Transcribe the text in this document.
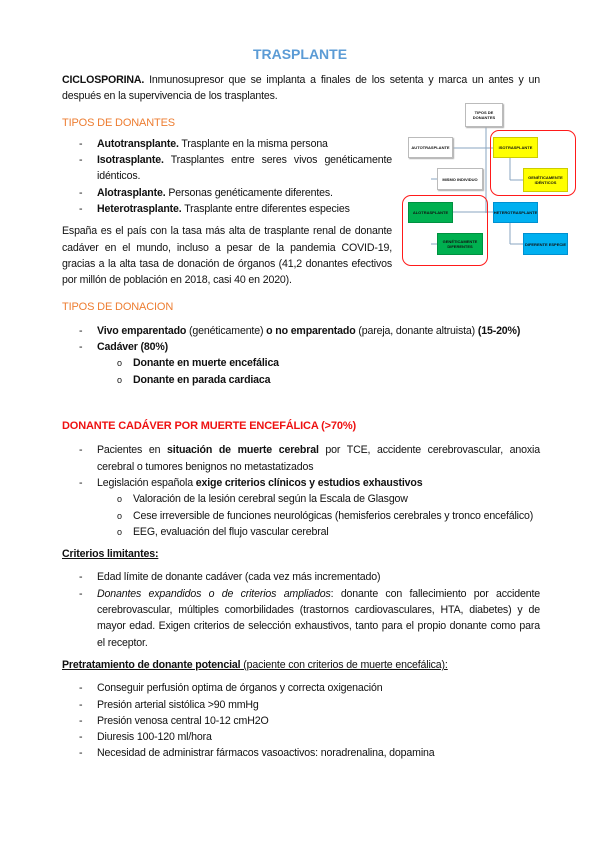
TIPOS DE DONANTES
AUTOTRASPLANTE
MISMO INDIVIDUO
ISOTRASPLANTE
GENÉTICAMENTE IDÉNTICOS
ALOTRASPLANTE
GENÉTICAMENTE DIFERENTES
HETEROTRASPLANTE
DIFERENTE ESPECIE
TRASPLANTE
CICLOSPORINA. Inmunosupresor que se implanta a finales de los setenta y marca un antes y un después en la supervivencia de los trasplantes.
TIPOS DE DONANTES
- Autotransplante. Trasplante en la misma persona
- Isotrasplante. Trasplantes entre seres vivos genéticamente idénticos.
- Alotrasplante. Personas genéticamente diferentes.
- Heterotrasplante. Trasplante entre diferentes especies
España es el país con la tasa más alta de trasplante renal de donante cadáver en el mundo, incluso a pesar de la pandemia COVID-19, gracias a la alta tasa de donación de órganos (41,2 donantes efectivos por millón de población en 2018, casi 40 en 2020).
TIPOS DE DONACION
- Vivo emparentado (genéticamente) o no emparentado (pareja, donante altruista) (15-20%)
- Cadáver (80%)
o Donante en muerte encefálica
o Donante en parada cardiaca
DONANTE CADÁVER POR MUERTE ENCEFÁLICA (>70%)
- Pacientes en situación de muerte cerebral por TCE, accidente cerebrovascular, anoxia cerebral o tumores benignos no metastatizados
- Legislación española exige criterios clínicos y estudios exhaustivos
o Valoración de la lesión cerebral según la Escala de Glasgow
o Cese irreversible de funciones neurológicas (hemisferios cerebrales y tronco encefálico)
o EEG, evaluación del flujo vascular cerebral
Criterios limitantes:
- Edad límite de donante cadáver (cada vez más incrementado)
- Donantes expandidos o de criterios ampliados: donante con fallecimiento por accidente cerebrovascular, múltiples comorbilidades (trastornos cardiovasculares, HTA, diabetes) y de mayor edad. Exigen criterios de selección exhaustivos, tanto para el propio donante como para el receptor.
Pretratamiento de donante potencial (paciente con criterios de muerte encefálica):
- Conseguir perfusión optima de órganos y correcta oxigenación
- Presión arterial sistólica >90 mmHg
- Presión venosa central 10-12 cmH2O
- Diuresis 100-120 ml/hora
- Necesidad de administrar fármacos vasoactivos: noradrenalina, dopamina
